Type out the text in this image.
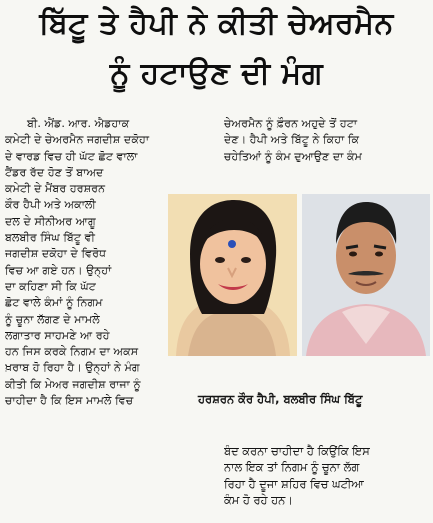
ਬਿੱਟੂ ਤੇ ਹੈਪੀ ਨੇ ਕੀਤੀ ਚੇਅਰਮੈਨ
ਨੂੰ ਹਟਾਉਣ ਦੀ ਮੰਗ
ਬੀ. ਐਂਡ. ਆਰ. ਐਡਹਾਕ
ਕਮੇਟੀ ਦੇ ਚੇਅਰਮੈਨ ਜਗਦੀਸ਼ ਦਕੋਹਾ
ਦੇ ਵਾਰਡ ਵਿਚ ਹੀ ਘੱਟ ਛੋਟ ਵਾਲਾ
ਟੈਂਡਰ ਰੱਦ ਹੋਣ ਤੋਂ ਬਾਅਦ
ਕਮੇਟੀ ਦੇ ਮੈਂਬਰ ਹਰਸ਼ਰਨ
ਕੌਰ ਹੈਪੀ ਅਤੇ ਅਕਾਲੀ
ਦਲ ਦੇ ਸੀਨੀਅਰ ਆਗੂ
ਬਲਬੀਰ ਸਿੰਘ ਬਿੱਟੂ ਵੀ
ਜਗਦੀਸ਼ ਦਕੋਹਾ ਦੇ ਵਿਰੋਧ
ਵਿਚ ਆ ਗਏ ਹਨ। ਉਨ੍ਹਾਂ
ਦਾ ਕਹਿਣਾ ਸੀ ਕਿ ਘੱਟ
ਛੋਟ ਵਾਲੇ ਕੰਮਾਂ ਨੂੰ ਨਿਗਮ
ਨੂੰ ਚੂਨਾ ਲੱਗਣ ਦੇ ਮਾਮਲੇ
ਲਗਾਤਾਰ ਸਾਹਮਣੇ ਆ ਰਹੇ
ਹਨ ਜਿਸ ਕਰਕੇ ਨਿਗਮ ਦਾ ਅਕਸ
ਖ਼ਰਾਬ ਹੋ ਰਿਹਾ ਹੈ। ਉਨ੍ਹਾਂ ਨੇ ਮੰਗ
ਕੀਤੀ ਕਿ ਮੇਅਰ ਜਗਦੀਸ਼ ਰਾਜਾ ਨੂੰ
ਚਾਹੀਦਾ ਹੈ ਕਿ ਇਸ ਮਾਮਲੇ ਵਿਚ
ਚੇਅਰਮੈਨ ਨੂੰ ਫ਼ੌਰਨ ਅਹੁਦੇ ਤੋਂ ਹਟਾ
ਦੇਣ। ਹੈਪੀ ਅਤੇ ਬਿੱਟੂ ਨੇ ਕਿਹਾ ਕਿ
ਚਹੇਤਿਆਂ ਨੂੰ ਕੰਮ ਦੁਆਉਣ ਦਾ ਕੰਮ
ਹਰਸ਼ਰਨ ਕੌਰ ਹੈਪੀ, ਬਲਬੀਰ ਸਿੰਘ ਬਿੱਟੂ
ਬੰਦ ਕਰਨਾ ਚਾਹੀਦਾ ਹੈ ਕਿਉਂਕਿ ਇਸ
ਨਾਲ ਇਕ ਤਾਂ ਨਿਗਮ ਨੂੰ ਚੂਨਾ ਲੱਗ
ਰਿਹਾ ਹੈ ਦੂਜਾ ਸ਼ਹਿਰ ਵਿਚ ਘਟੀਆ
ਕੰਮ ਹੋ ਰਹੇ ਹਨ।
